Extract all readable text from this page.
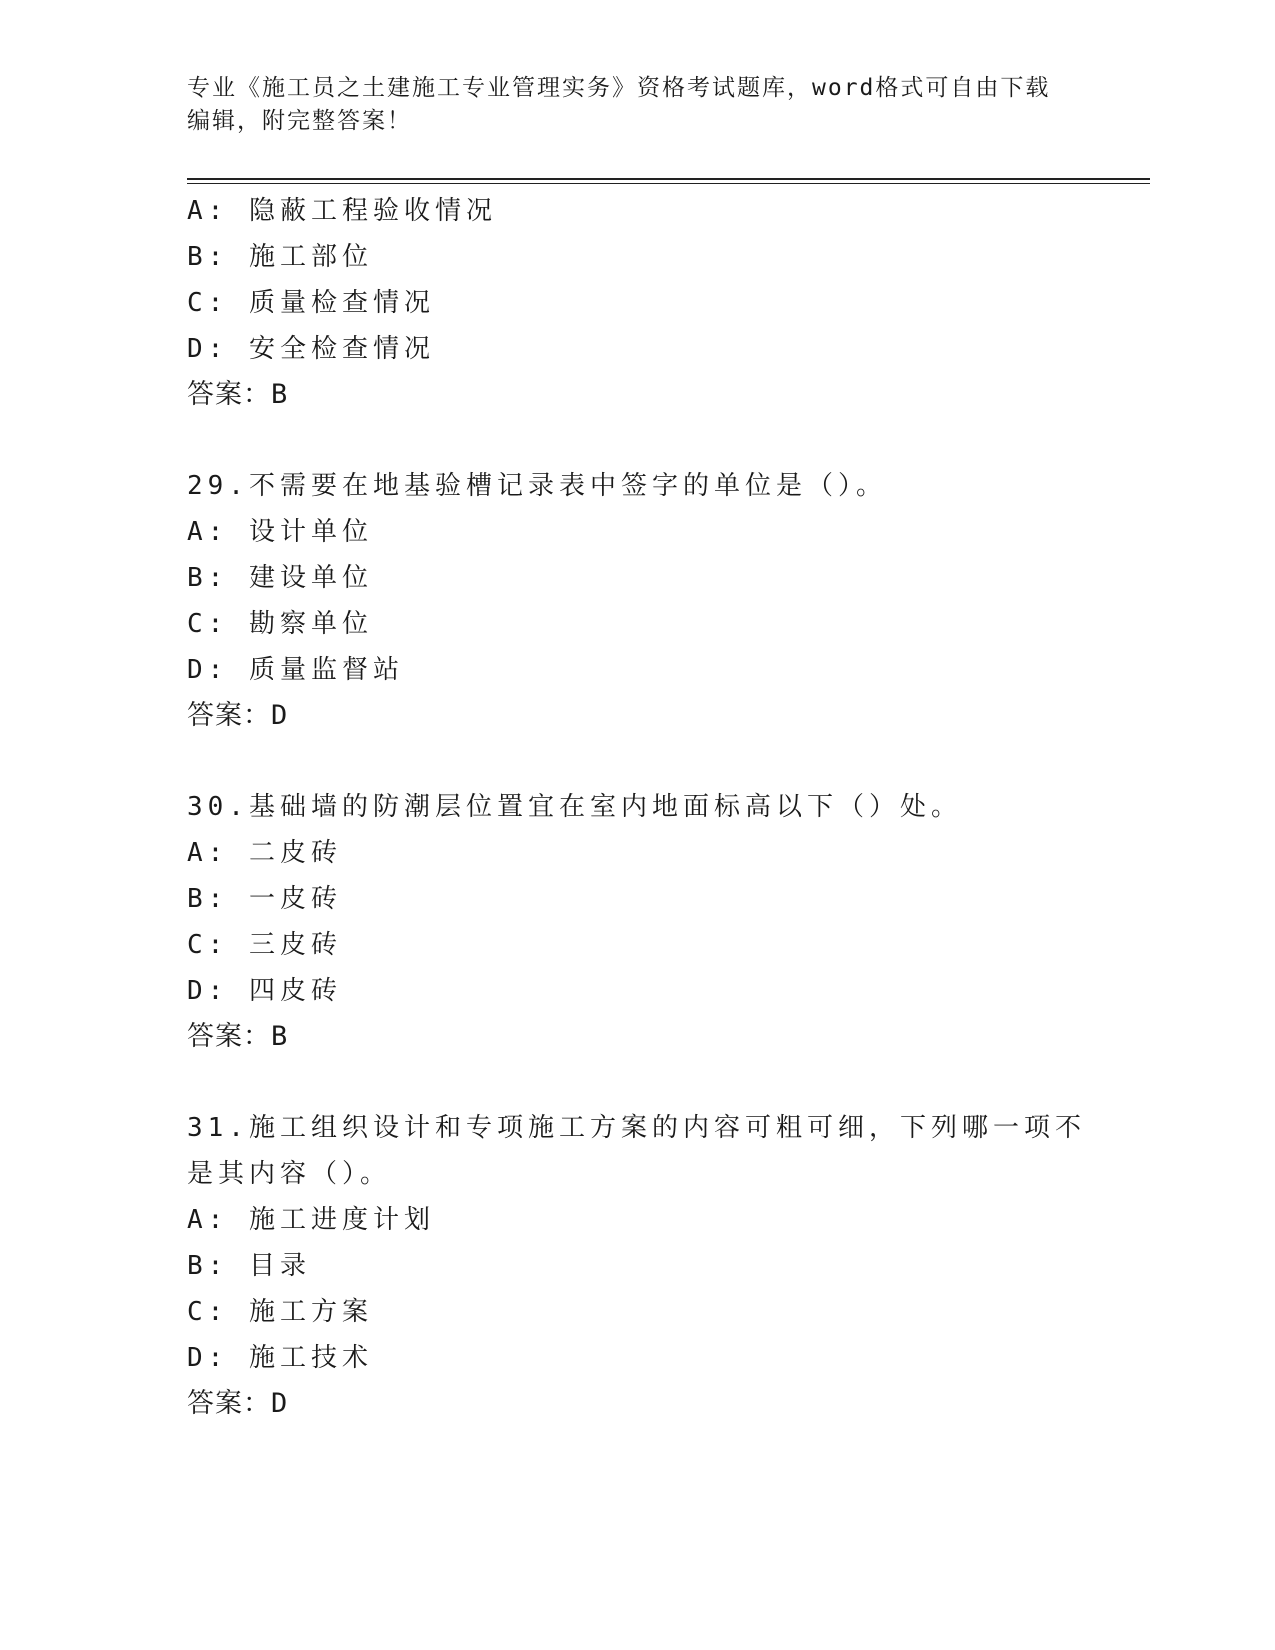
专业《施工员之土建施工专业管理实务》资格考试题库，word格式可自由下载编辑，附完整答案！
A: 隐蔽工程验收情况
B: 施工部位
C: 质量检查情况
D: 安全检查情况
答案：B
29.不需要在地基验槽记录表中签字的单位是（）。
A: 设计单位
B: 建设单位
C: 勘察单位
D: 质量监督站
答案：D
30.基础墙的防潮层位置宜在室内地面标高以下（）处。
A: 二皮砖
B: 一皮砖
C: 三皮砖
D: 四皮砖
答案：B
31.施工组织设计和专项施工方案的内容可粗可细，下列哪一项不是其内容（）。
A: 施工进度计划
B: 目录
C: 施工方案
D: 施工技术
答案：D
